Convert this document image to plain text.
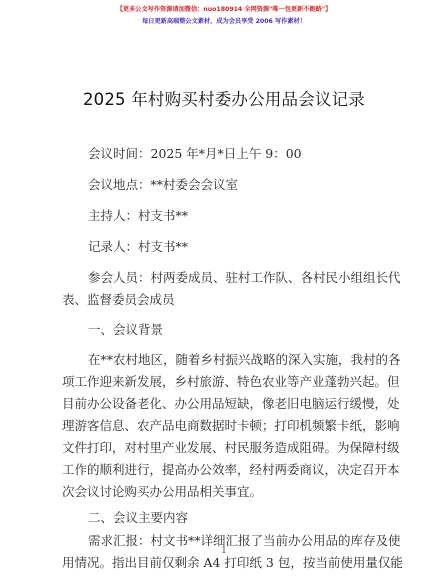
【更多公文写作资源请加微信：nuo180914 全网资源"唯一包更新不跑路"】
每日更新高端整公文素材，成为会员享受 2006 写作素材！
2025 年村购买村委办公用品会议记录
会议时间：2025 年*月*日上午 9：00
会议地点：**村委会会议室
主持人：村支书**
记录人：村支书**
参会人员：村两委成员、驻村工作队、各村民小组组长代
表、监督委员会成员
一、会议背景
在**农村地区，随着乡村振兴战略的深入实施，我村的各
项工作迎来新发展，乡村旅游、特色农业等产业蓬勃兴起。但
目前办公设备老化、办公用品短缺，像老旧电脑运行缓慢，处
理游客信息、农产品电商数据时卡顿；打印机频繁卡纸，影响
文件打印，对村里产业发展、村民服务造成阻碍。为保障村级
工作的顺利进行，提高办公效率，经村两委商议，决定召开本
次会议讨论购买办公用品相关事宜。
二、会议主要内容
1
需求汇报：村文书**详细汇报了当前办公用品的库存及使
用情况。指出目前仅剩余 A4 打印纸 3 包，按当前使用量仅能
